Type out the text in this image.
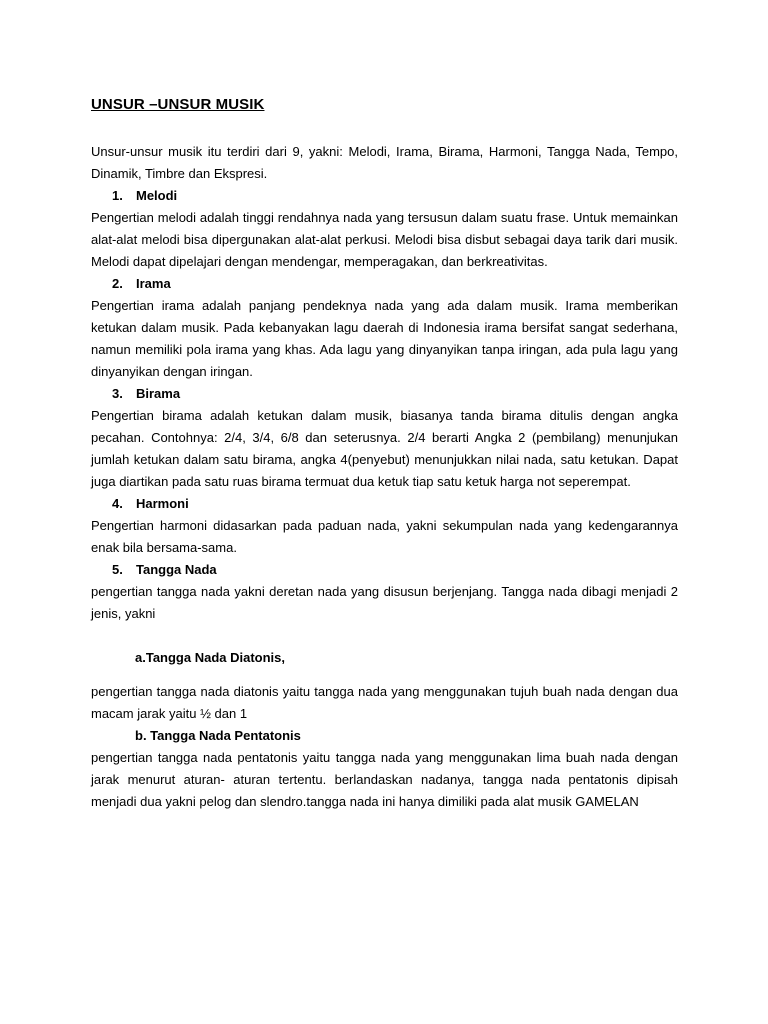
UNSUR –UNSUR MUSIK

Unsur-unsur musik itu terdiri dari 9, yakni: Melodi, Irama, Birama, Harmoni, Tangga Nada, Tempo, Dinamik, Timbre dan Ekspresi.

1. Melodi

Pengertian melodi adalah tinggi rendahnya nada yang tersusun dalam suatu frase. Untuk memainkan alat-alat melodi bisa dipergunakan alat-alat perkusi. Melodi bisa disbut sebagai daya tarik dari musik. Melodi dapat dipelajari dengan mendengar, memperagakan, dan berkreativitas.

2. Irama

Pengertian irama adalah panjang pendeknya nada yang ada dalam musik. Irama memberikan ketukan dalam musik. Pada kebanyakan lagu daerah di Indonesia irama bersifat sangat sederhana, namun memiliki pola irama yang khas. Ada lagu yang dinyanyikan tanpa iringan, ada pula lagu yang dinyanyikan dengan iringan.

3. Birama

Pengertian birama adalah ketukan dalam musik, biasanya tanda birama ditulis dengan angka pecahan. Contohnya: 2/4, 3/4, 6/8 dan seterusnya. 2/4 berarti Angka 2 (pembilang) menunjukan jumlah ketukan dalam satu birama, angka 4(penyebut) menunjukkan nilai nada, satu ketukan. Dapat juga diartikan pada satu ruas birama termuat dua ketuk tiap satu ketuk harga not seperempat.

4. Harmoni

Pengertian harmoni didasarkan pada paduan nada, yakni sekumpulan nada yang kedengarannya enak bila bersama-sama.

5. Tangga Nada

pengertian tangga nada yakni deretan nada yang disusun berjenjang. Tangga nada dibagi menjadi 2 jenis, yakni

a.Tangga Nada Diatonis,

pengertian tangga nada diatonis yaitu tangga nada yang menggunakan tujuh buah nada dengan dua macam jarak yaitu ½ dan 1

b. Tangga Nada Pentatonis

pengertian tangga nada pentatonis yaitu tangga nada yang menggunakan lima buah nada dengan jarak menurut aturan- aturan tertentu. berlandaskan nadanya, tangga nada pentatonis dipisah menjadi dua yakni pelog dan slendro.tangga nada ini hanya dimiliki pada alat musik GAMELAN
